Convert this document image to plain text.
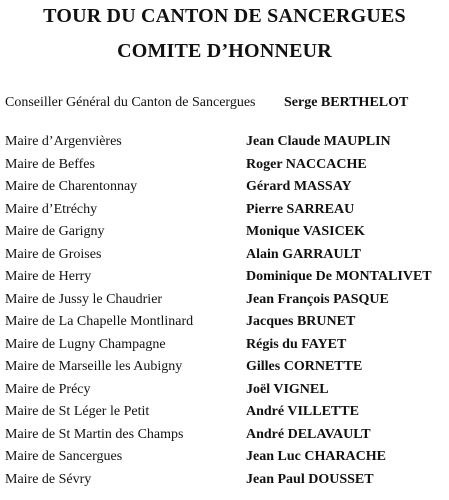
TOUR DU CANTON DE SANCERGUES
COMITE D’HONNEUR
Conseiller Général du Canton de Sancergues Serge BERTHELOT
Maire d’Argenvières	Jean Claude MAUPLIN
Maire de Beffes	Roger NACCACHE
Maire de Charentonnay	Gérard MASSAY
Maire d’Etréchy	Pierre SARREAU
Maire de Garigny	Monique VASICEK
Maire de Groises	Alain GARRAULT
Maire de Herry	Dominique De MONTALIVET
Maire de Jussy le Chaudrier	Jean François PASQUE
Maire de La Chapelle Montlinard	Jacques BRUNET
Maire de Lugny Champagne	Régis du FAYET
Maire de Marseille les Aubigny	Gilles CORNETTE
Maire de Précy	Joël VIGNEL
Maire de St Léger le Petit	André VILLETTE
Maire de St Martin des Champs	André DELAVAULT
Maire de Sancergues	Jean Luc CHARACHE
Maire de Sévry	Jean Paul DOUSSET
